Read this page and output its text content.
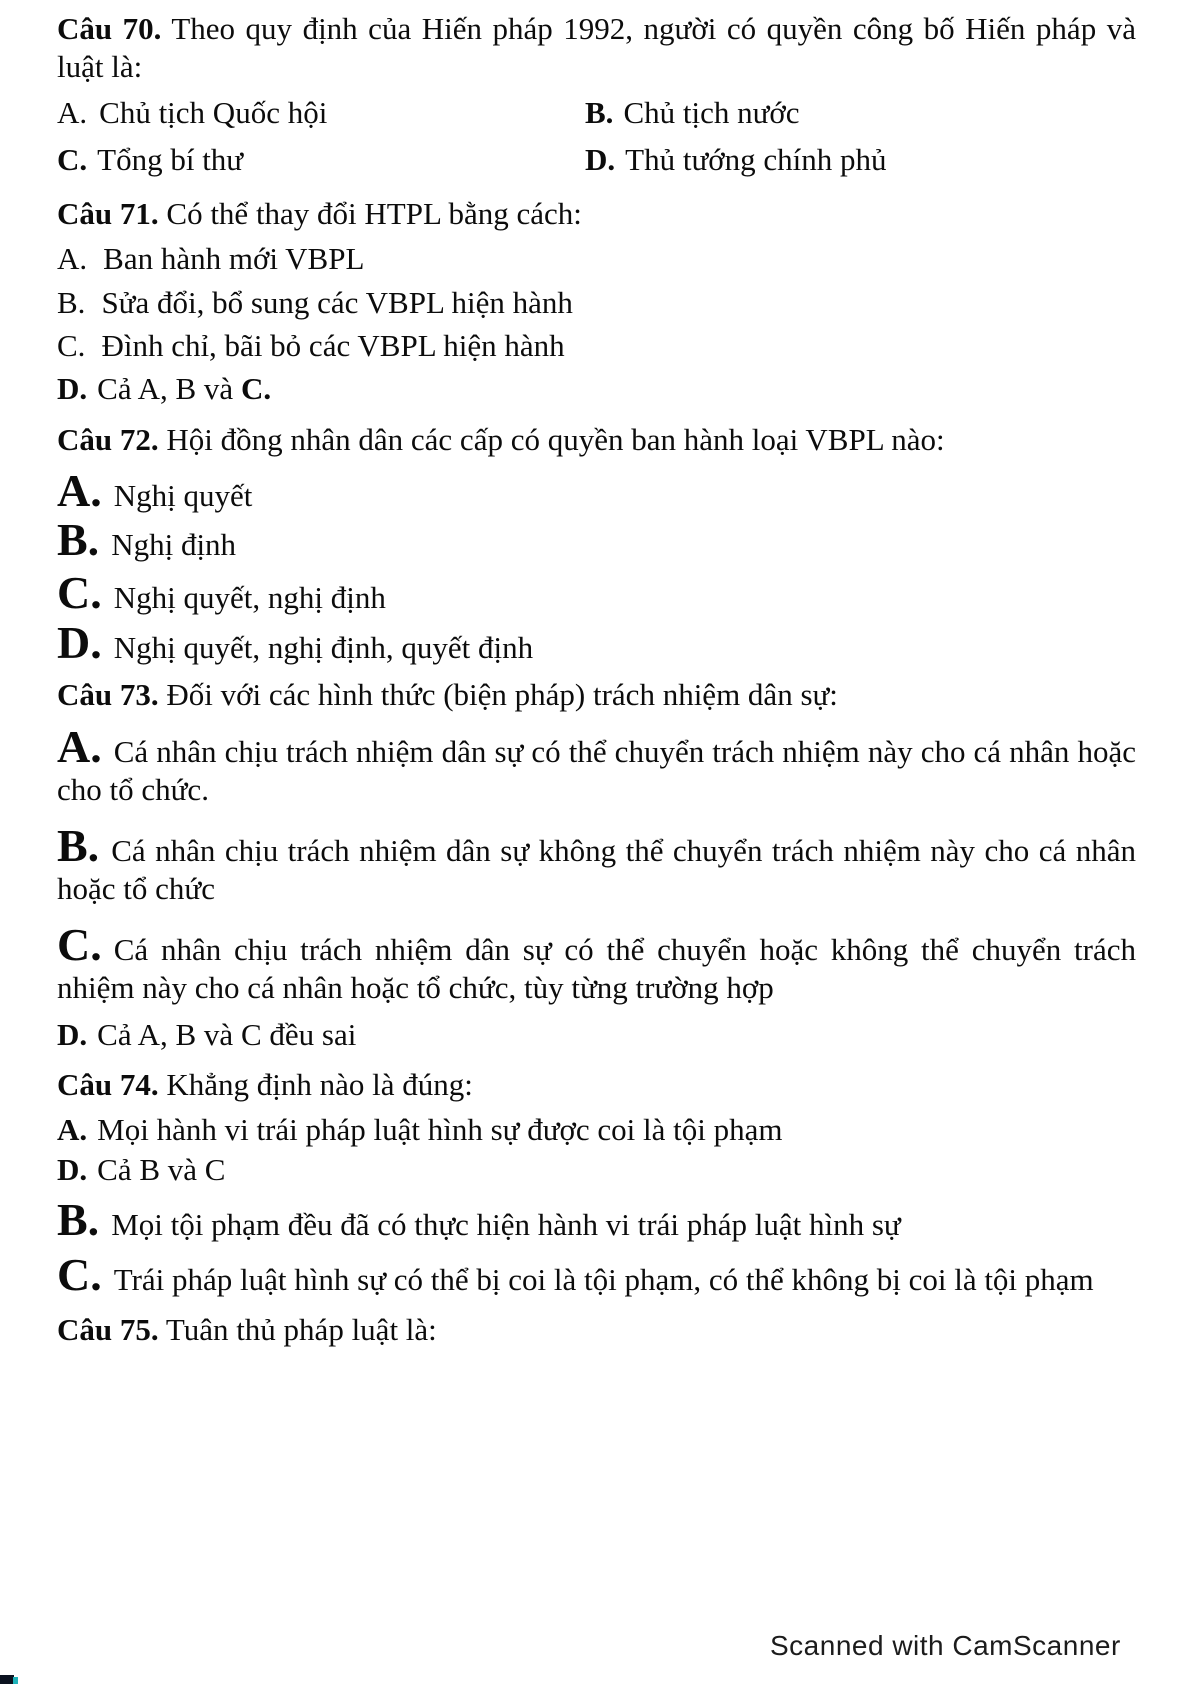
Câu 70. Theo quy định của Hiến pháp 1992, người có quyền công bố Hiến pháp và luật là:

A. Chủ tịch Quốc hội	B. Chủ tịch nước
C. Tổng bí thư	D. Thủ tướng chính phủ

Câu 71. Có thể thay đổi HTPL bằng cách:

A. Ban hành mới VBPL
B. Sửa đổi, bổ sung các VBPL hiện hành
C. Đình chỉ, bãi bỏ các VBPL hiện hành
D. Cả A, B và C.

Câu 72. Hội đồng nhân dân các cấp có quyền ban hành loại VBPL nào:

A. Nghị quyết
B. Nghị định
C. Nghị quyết, nghị định
D. Nghị quyết, nghị định, quyết định

Câu 73. Đối với các hình thức (biện pháp) trách nhiệm dân sự:

A. Cá nhân chịu trách nhiệm dân sự có thể chuyển trách nhiệm này cho cá nhân hoặc cho tổ chức.
B. Cá nhân chịu trách nhiệm dân sự không thể chuyển trách nhiệm này cho cá nhân hoặc tổ chức
C. Cá nhân chịu trách nhiệm dân sự có thể chuyển hoặc không thể chuyển trách nhiệm này cho cá nhân hoặc tổ chức, tùy từng trường hợp
D. Cả A, B và C đều sai

Câu 74. Khẳng định nào là đúng:

A. Mọi hành vi trái pháp luật hình sự được coi là tội phạm
D. Cả B và C
B. Mọi tội phạm đều đã có thực hiện hành vi trái pháp luật hình sự
C. Trái pháp luật hình sự có thể bị coi là tội phạm, có thể không bị coi là tội phạm

Câu 75. Tuân thủ pháp luật là:

Scanned with CamScanner
